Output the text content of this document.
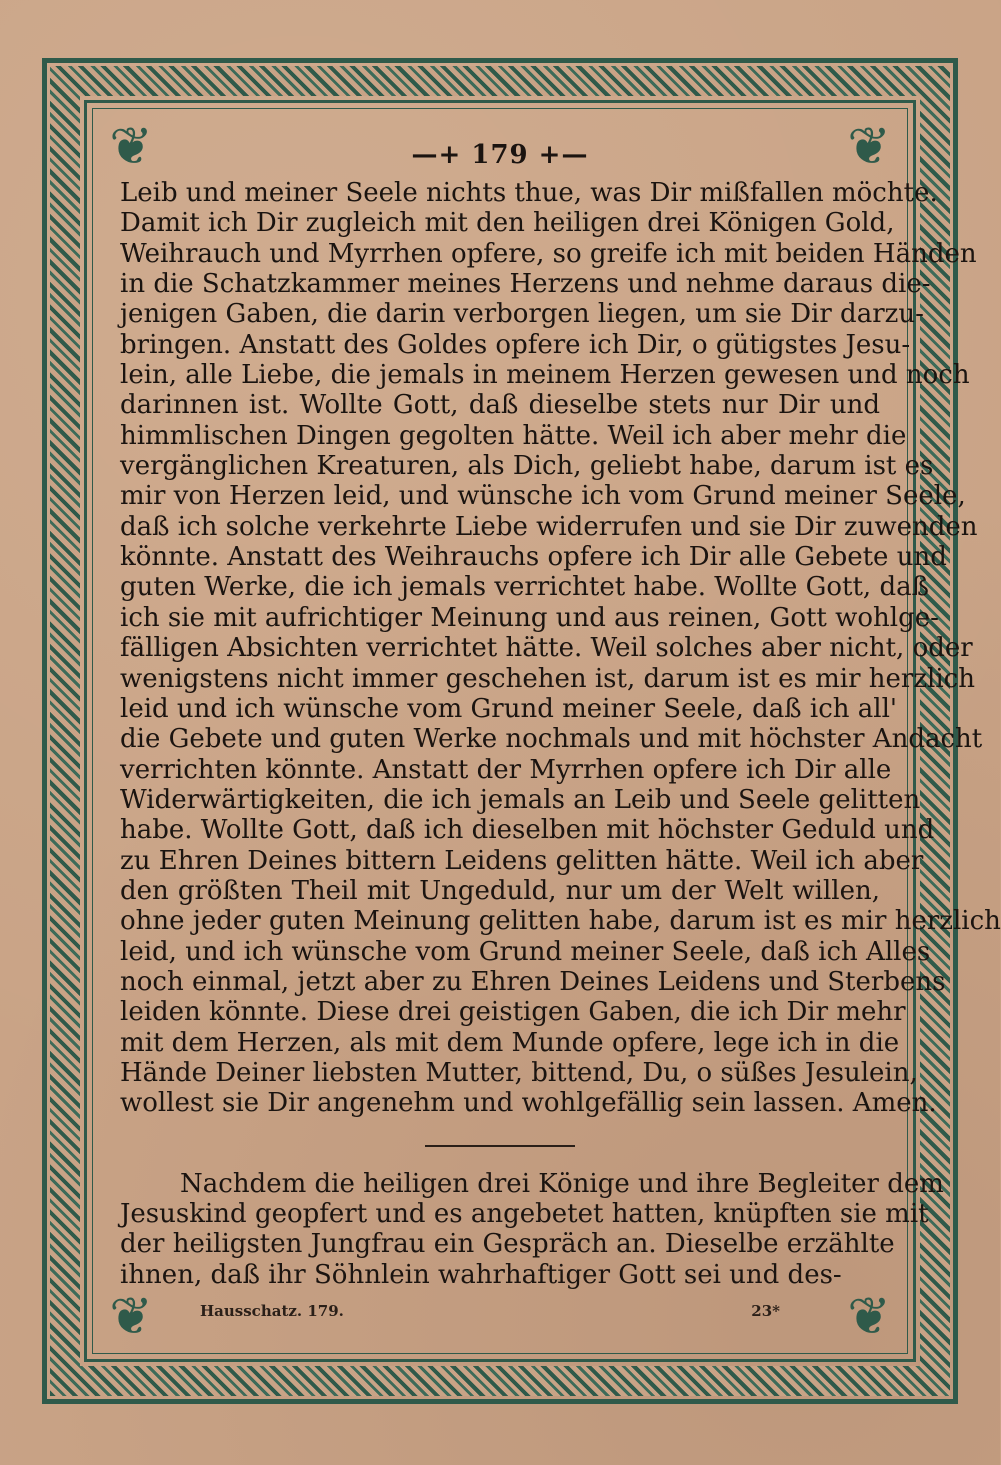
❦	❦
❦	❦
—+ 179 +—
Leib und meiner Seele nichts thue, was Dir mißfallen möchte.
Damit ich Dir zugleich mit den heiligen drei Königen Gold,
Weihrauch und Myrrhen opfere, so greife ich mit beiden Händen
in die Schatzkammer meines Herzens und nehme daraus die-
jenigen Gaben, die darin verborgen liegen, um sie Dir darzu-
bringen. Anstatt des Goldes opfere ich Dir, o gütigstes Jesu-
lein, alle Liebe, die jemals in meinem Herzen gewesen und noch
darinnen ist. Wollte Gott, daß dieselbe stets nur Dir und
himmlischen Dingen gegolten hätte. Weil ich aber mehr die
vergänglichen Kreaturen, als Dich, geliebt habe, darum ist es
mir von Herzen leid, und wünsche ich vom Grund meiner Seele,
daß ich solche verkehrte Liebe widerrufen und sie Dir zuwenden
könnte. Anstatt des Weihrauchs opfere ich Dir alle Gebete und
guten Werke, die ich jemals verrichtet habe. Wollte Gott, daß
ich sie mit aufrichtiger Meinung und aus reinen, Gott wohlge-
fälligen Absichten verrichtet hätte. Weil solches aber nicht, oder
wenigstens nicht immer geschehen ist, darum ist es mir herzlich
leid und ich wünsche vom Grund meiner Seele, daß ich all'
die Gebete und guten Werke nochmals und mit höchster Andacht
verrichten könnte. Anstatt der Myrrhen opfere ich Dir alle
Widerwärtigkeiten, die ich jemals an Leib und Seele gelitten
habe. Wollte Gott, daß ich dieselben mit höchster Geduld und
zu Ehren Deines bittern Leidens gelitten hätte. Weil ich aber
den größten Theil mit Ungeduld, nur um der Welt willen,
ohne jeder guten Meinung gelitten habe, darum ist es mir herzlich
leid, und ich wünsche vom Grund meiner Seele, daß ich Alles
noch einmal, jetzt aber zu Ehren Deines Leidens und Sterbens
leiden könnte. Diese drei geistigen Gaben, die ich Dir mehr
mit dem Herzen, als mit dem Munde opfere, lege ich in die
Hände Deiner liebsten Mutter, bittend, Du, o süßes Jesulein,
wollest sie Dir angenehm und wohlgefällig sein lassen. Amen.
Nachdem die heiligen drei Könige und ihre Begleiter dem
Jesuskind geopfert und es angebetet hatten, knüpften sie mit
der heiligsten Jungfrau ein Gespräch an. Dieselbe erzählte
ihnen, daß ihr Söhnlein wahrhaftiger Gott sei und des-
Hausschatz. 179.	23*
